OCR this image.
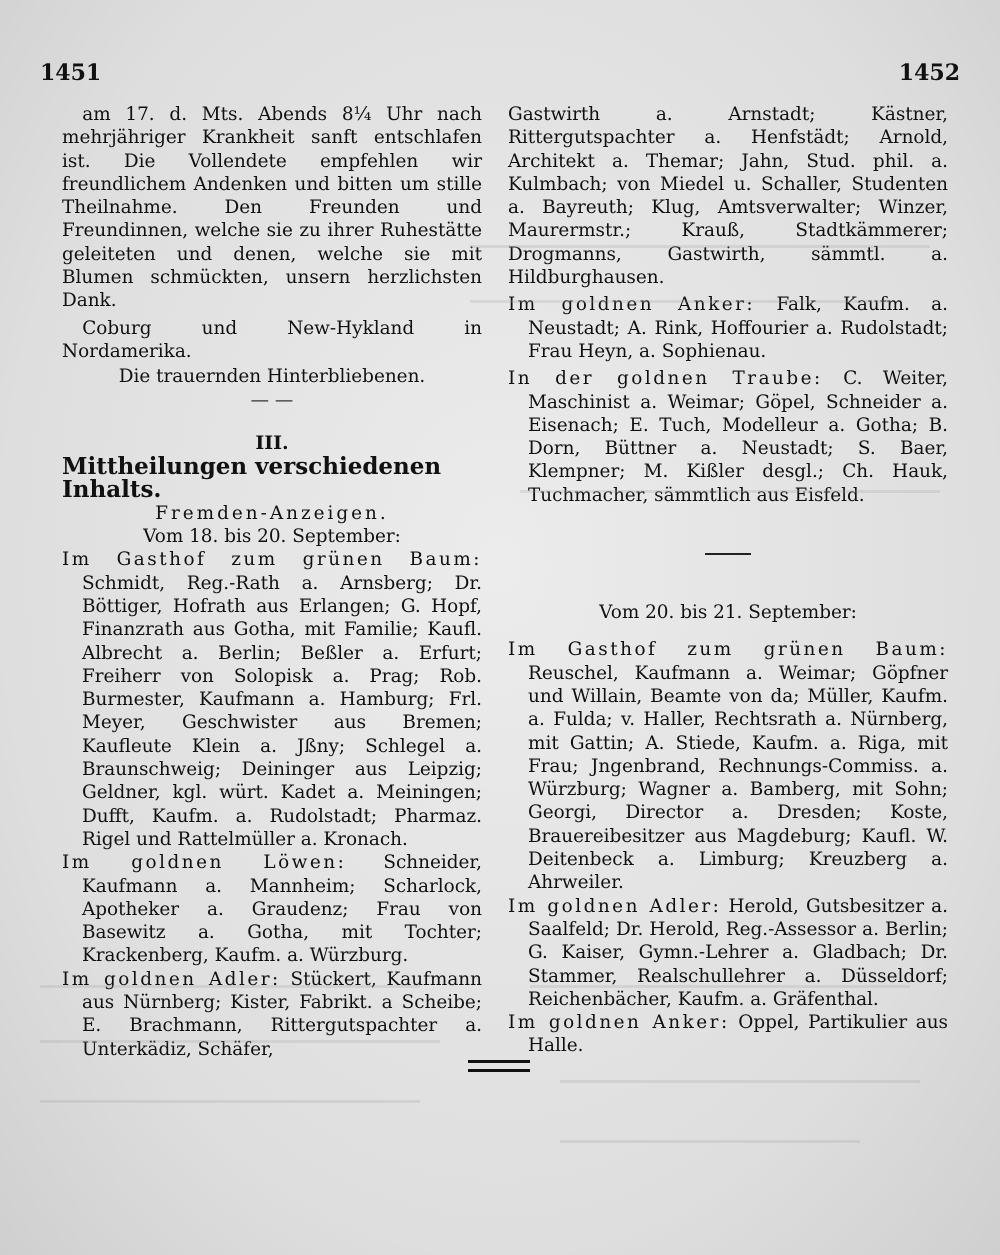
1451	1452

am 17. d. Mts. Abends 8¼ Uhr nach mehrjähriger Krankheit sanft entschlafen ist. Die Vollendete empfehlen wir freundlichem Andenken und bitten um stille Theilnahme. Den Freunden und Freundinnen, welche sie zu ihrer Ruhestätte geleiteten und denen, welche sie mit Blumen schmückten, unsern herzlichsten Dank.

Coburg und New-Hykland in Nordamerika.

Die trauernden Hinterbliebenen.

— —

III.

Mittheilungen verschiedenen Inhalts.

Fremden-Anzeigen.

Vom 18. bis 20. September:

Im Gasthof zum grünen Baum: Schmidt, Reg.-Rath a. Arnsberg; Dr. Böttiger, Hofrath aus Erlangen; G. Hopf, Finanzrath aus Gotha, mit Familie; Kaufl. Albrecht a. Berlin; Beßler a. Erfurt; Freiherr von Solopisk a. Prag; Rob. Burmester, Kaufmann a. Hamburg; Frl. Meyer, Geschwister aus Bremen; Kaufleute Klein a. Jßny; Schlegel a. Braunschweig; Deininger aus Leipzig; Geldner, kgl. würt. Kadet a. Meiningen; Dufft, Kaufm. a. Rudolstadt; Pharmaz. Rigel und Rattelmüller a. Kronach.

Im goldnen Löwen: Schneider, Kaufmann a. Mannheim; Scharlock, Apotheker a. Graudenz; Frau von Basewitz a. Gotha, mit Tochter; Krackenberg, Kaufm. a. Würzburg.

Im goldnen Adler: Stückert, Kaufmann aus Nürnberg; Kister, Fabrikt. a Scheibe; E. Brachmann, Rittergutspachter a. Unterkädiz, Schäfer,

Gastwirth a. Arnstadt; Kästner, Rittergutspachter a. Henfstädt; Arnold, Architekt a. Themar; Jahn, Stud. phil. a. Kulmbach; von Miedel u. Schaller, Studenten a. Bayreuth; Klug, Amtsverwalter; Winzer, Maurermstr.; Krauß, Stadtkämmerer; Drogmanns, Gastwirth, sämmtl. a. Hildburghausen.

Im goldnen Anker: Falk, Kaufm. a. Neustadt; A. Rink, Hoffourier a. Rudolstadt; Frau Heyn, a. Sophienau.

In der goldnen Traube: C. Weiter, Maschinist a. Weimar; Göpel, Schneider a. Eisenach; E. Tuch, Modelleur a. Gotha; B. Dorn, Büttner a. Neustadt; S. Baer, Klempner; M. Kißler desgl.; Ch. Hauk, Tuchmacher, sämmtlich aus Eisfeld.

Vom 20. bis 21. September:

Im Gasthof zum grünen Baum: Reuschel, Kaufmann a. Weimar; Göpfner und Willain, Beamte von da; Müller, Kaufm. a. Fulda; v. Haller, Rechtsrath a. Nürnberg, mit Gattin; A. Stiede, Kaufm. a. Riga, mit Frau; Jngenbrand, Rechnungs-Commiss. a. Würzburg; Wagner a. Bamberg, mit Sohn; Georgi, Director a. Dresden; Koste, Brauereibesitzer aus Magdeburg; Kaufl. W. Deitenbeck a. Limburg; Kreuzberg a. Ahrweiler.

Im goldnen Adler: Herold, Gutsbesitzer a. Saalfeld; Dr. Herold, Reg.-Assessor a. Berlin; G. Kaiser, Gymn.-Lehrer a. Gladbach; Dr. Stammer, Realschullehrer a. Düsseldorf; Reichenbächer, Kaufm. a. Gräfenthal.

Im goldnen Anker: Oppel, Partikulier aus Halle.
